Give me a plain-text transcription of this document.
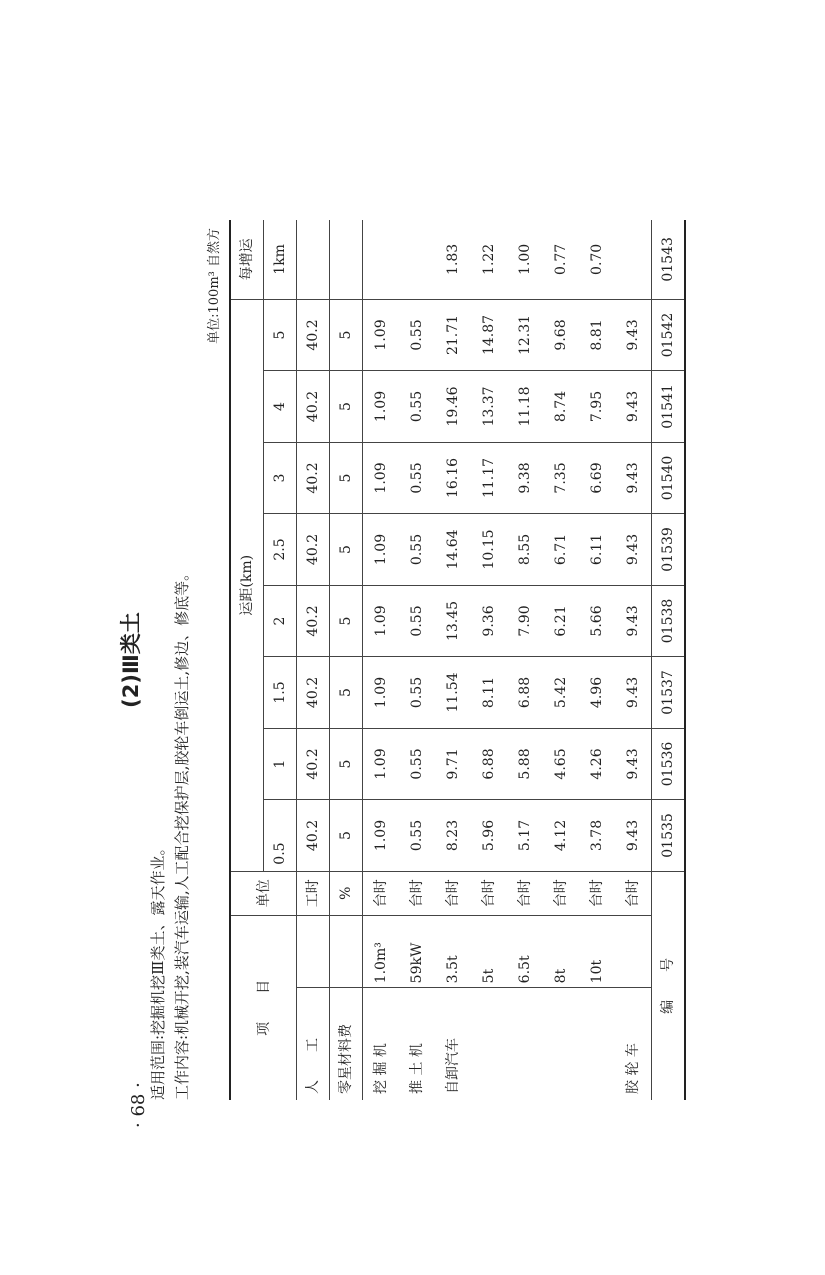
· 68 ·
(2)Ⅲ类土
适用范围:挖掘机挖Ⅲ类土、露天作业。 工作内容:机械开挖,装汽车运输,人工配合挖保护层,胶轮车倒运土,修边、修底等。
单位:100m³ 自然方
项　　目		单位	运距(km)								每增运
			0.5	1	1.5	2	2.5	3	4	5	1km
人　　工		工时	40.2	40.2	40.2	40.2	40.2	40.2	40.2	40.2	
零星材料费		%	5	5	5	5	5	5	5	5	
挖 掘 机	1.0m³	台时	1.09	1.09	1.09	1.09	1.09	1.09	1.09	1.09	
推 土 机	59kW	台时	0.55	0.55	0.55	0.55	0.55	0.55	0.55	0.55	
自卸汽车	3.5t	台时	8.23	9.71	11.54	13.45	14.64	16.16	19.46	21.71	1.83
	5t	台时	5.96	6.88	8.11	9.36	10.15	11.17	13.37	14.87	1.22
	6.5t	台时	5.17	5.88	6.88	7.90	8.55	9.38	11.18	12.31	1.00
	8t	台时	4.12	4.65	5.42	6.21	6.71	7.35	8.74	9.68	0.77
	10t	台时	3.78	4.26	4.96	5.66	6.11	6.69	7.95	8.81	0.70
胶 轮 车		台时	9.43	9.43	9.43	9.43	9.43	9.43	9.43	9.43	
编　　号			01535	01536	01537	01538	01539	01540	01541	01542	01543
